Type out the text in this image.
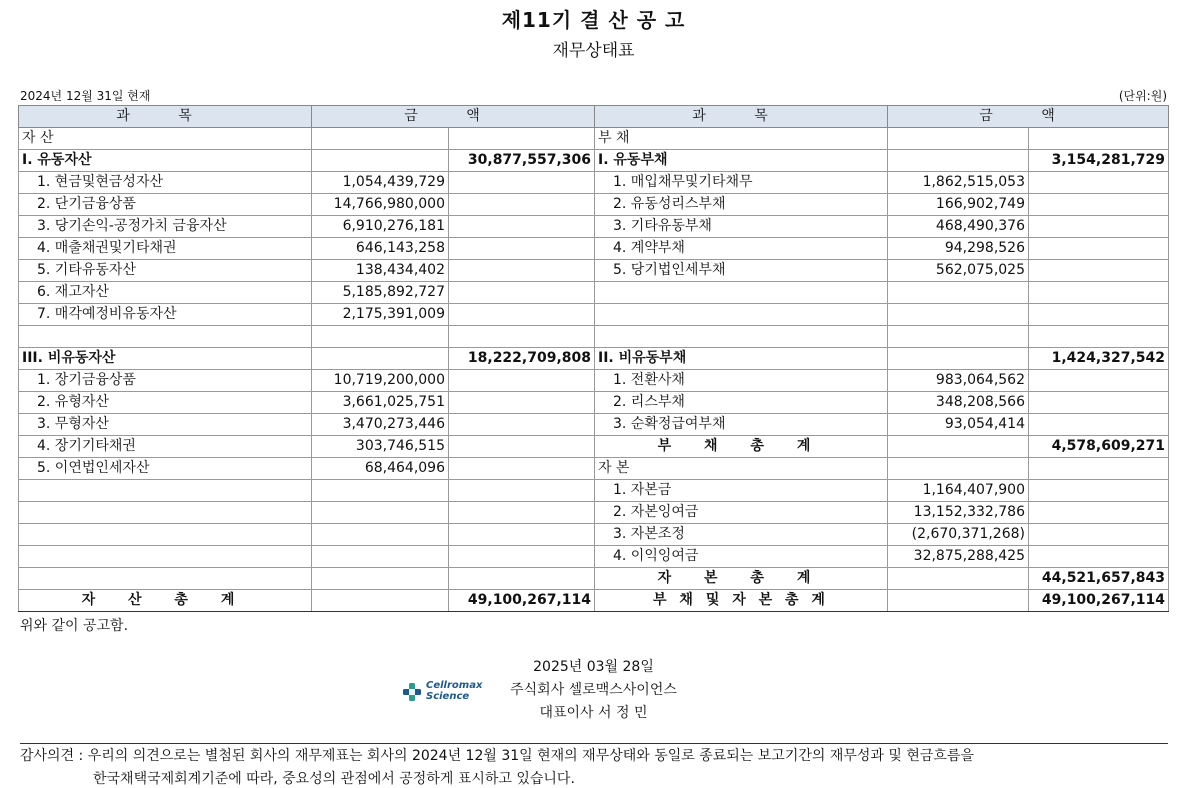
제11기 결 산 공 고
재무상태표
2024년 12월 31일 현재	(단위:원)
과 목	금 액		과 목	금 액	
자 산			부 채		
I. 유동자산		30,877,557,306	I. 유동부채		3,154,281,729
1. 현금및현금성자산	1,054,439,729		1. 매입채무및기타채무	1,862,515,053	
2. 단기금융상품	14,766,980,000		2. 유동성리스부채	166,902,749	
3. 당기손익-공정가치 금융자산	6,910,276,181		3. 기타유동부채	468,490,376	
4. 매출채권및기타채권	646,143,258		4. 계약부채	94,298,526	
5. 기타유동자산	138,434,402		5. 당기법인세부채	562,075,025	
6. 재고자산	5,185,892,727				
7. 매각예정비유동자산	2,175,391,009				

III. 비유동자산		18,222,709,808	II. 비유동부채		1,424,327,542
1. 장기금융상품	10,719,200,000		1. 전환사채	983,064,562	
2. 유형자산	3,661,025,751		2. 리스부채	348,208,566	
3. 무형자산	3,470,273,446		3. 순확정급여부채	93,054,414	
4. 장기기타채권	303,746,515		부 채 총 계		4,578,609,271
5. 이연법인세자산	68,464,096		자 본		
			1. 자본금	1,164,407,900	
			2. 자본잉여금	13,152,332,786	
			3. 자본조정	(2,670,371,268)	
			4. 이익잉여금	32,875,288,425	
			자 본 총 계		44,521,657,843
자 산 총 계		49,100,267,114	부 채 및 자 본 총 계		49,100,267,114
위와 같이 공고함.
2025년 03월 28일
Cellromax
Science	주식회사 셀로맥스사이언스
대표이사 서 정 민
감사의견 : 우리의 의견으로는 별첨된 회사의 재무제표는 회사의 2024년 12월 31일 현재의 재무상태와 동일로 종료되는 보고기간의 재무성과 및 현금흐름을
한국채택국제회계기준에 따라, 중요성의 관점에서 공정하게 표시하고 있습니다.
